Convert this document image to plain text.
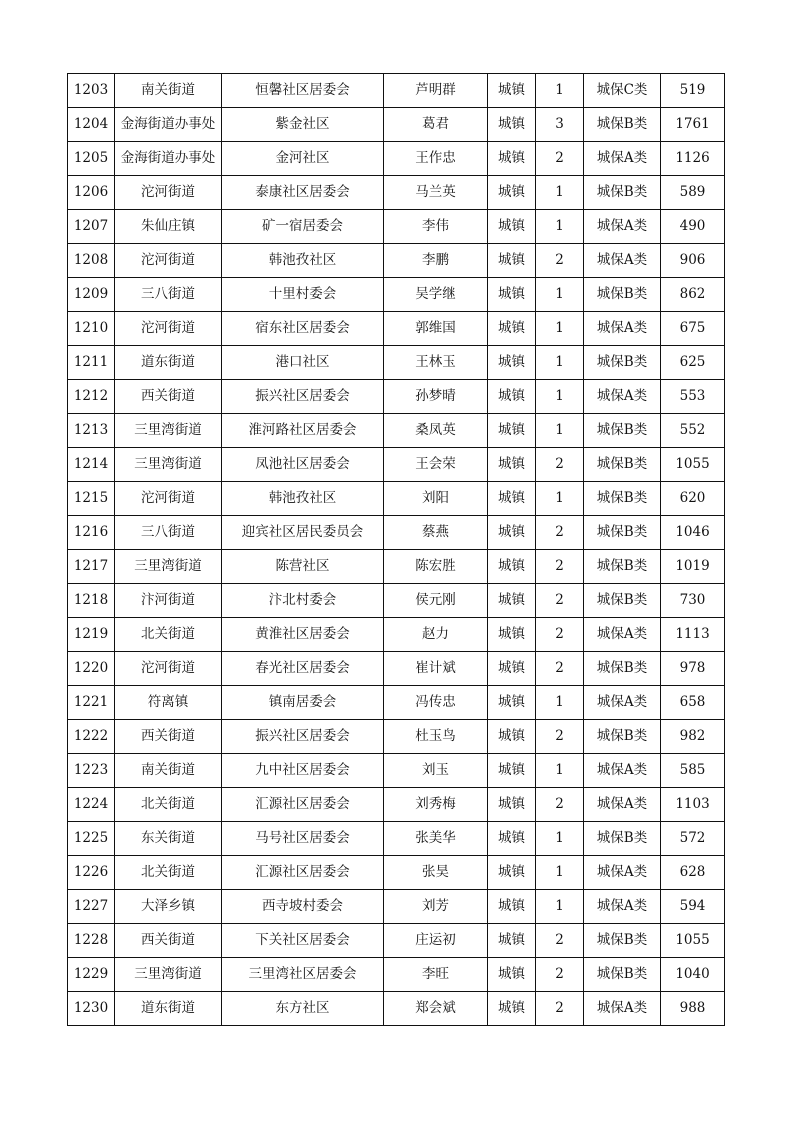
1203	南关街道	恒馨社区居委会	芦明群	城镇	1	城保C类	519
1204	金海街道办事处	紫金社区	葛君	城镇	3	城保B类	1761
1205	金海街道办事处	金河社区	王作忠	城镇	2	城保A类	1126
1206	沱河街道	泰康社区居委会	马兰英	城镇	1	城保B类	589
1207	朱仙庄镇	矿一宿居委会	李伟	城镇	1	城保A类	490
1208	沱河街道	韩池孜社区	李鹏	城镇	2	城保A类	906
1209	三八街道	十里村委会	吴学继	城镇	1	城保B类	862
1210	沱河街道	宿东社区居委会	郭维国	城镇	1	城保A类	675
1211	道东街道	港口社区	王林玉	城镇	1	城保B类	625
1212	西关街道	振兴社区居委会	孙梦晴	城镇	1	城保A类	553
1213	三里湾街道	淮河路社区居委会	桑凤英	城镇	1	城保B类	552
1214	三里湾街道	凤池社区居委会	王会荣	城镇	2	城保B类	1055
1215	沱河街道	韩池孜社区	刘阳	城镇	1	城保B类	620
1216	三八街道	迎宾社区居民委员会	蔡燕	城镇	2	城保B类	1046
1217	三里湾街道	陈营社区	陈宏胜	城镇	2	城保B类	1019
1218	汴河街道	汴北村委会	侯元刚	城镇	2	城保B类	730
1219	北关街道	黄淮社区居委会	赵力	城镇	2	城保A类	1113
1220	沱河街道	春光社区居委会	崔计斌	城镇	2	城保B类	978
1221	符离镇	镇南居委会	冯传忠	城镇	1	城保A类	658
1222	西关街道	振兴社区居委会	杜玉鸟	城镇	2	城保B类	982
1223	南关街道	九中社区居委会	刘玉	城镇	1	城保A类	585
1224	北关街道	汇源社区居委会	刘秀梅	城镇	2	城保A类	1103
1225	东关街道	马号社区居委会	张美华	城镇	1	城保B类	572
1226	北关街道	汇源社区居委会	张昊	城镇	1	城保A类	628
1227	大泽乡镇	西寺坡村委会	刘芳	城镇	1	城保A类	594
1228	西关街道	下关社区居委会	庄运初	城镇	2	城保B类	1055
1229	三里湾街道	三里湾社区居委会	李旺	城镇	2	城保B类	1040
1230	道东街道	东方社区	郑会斌	城镇	2	城保A类	988
